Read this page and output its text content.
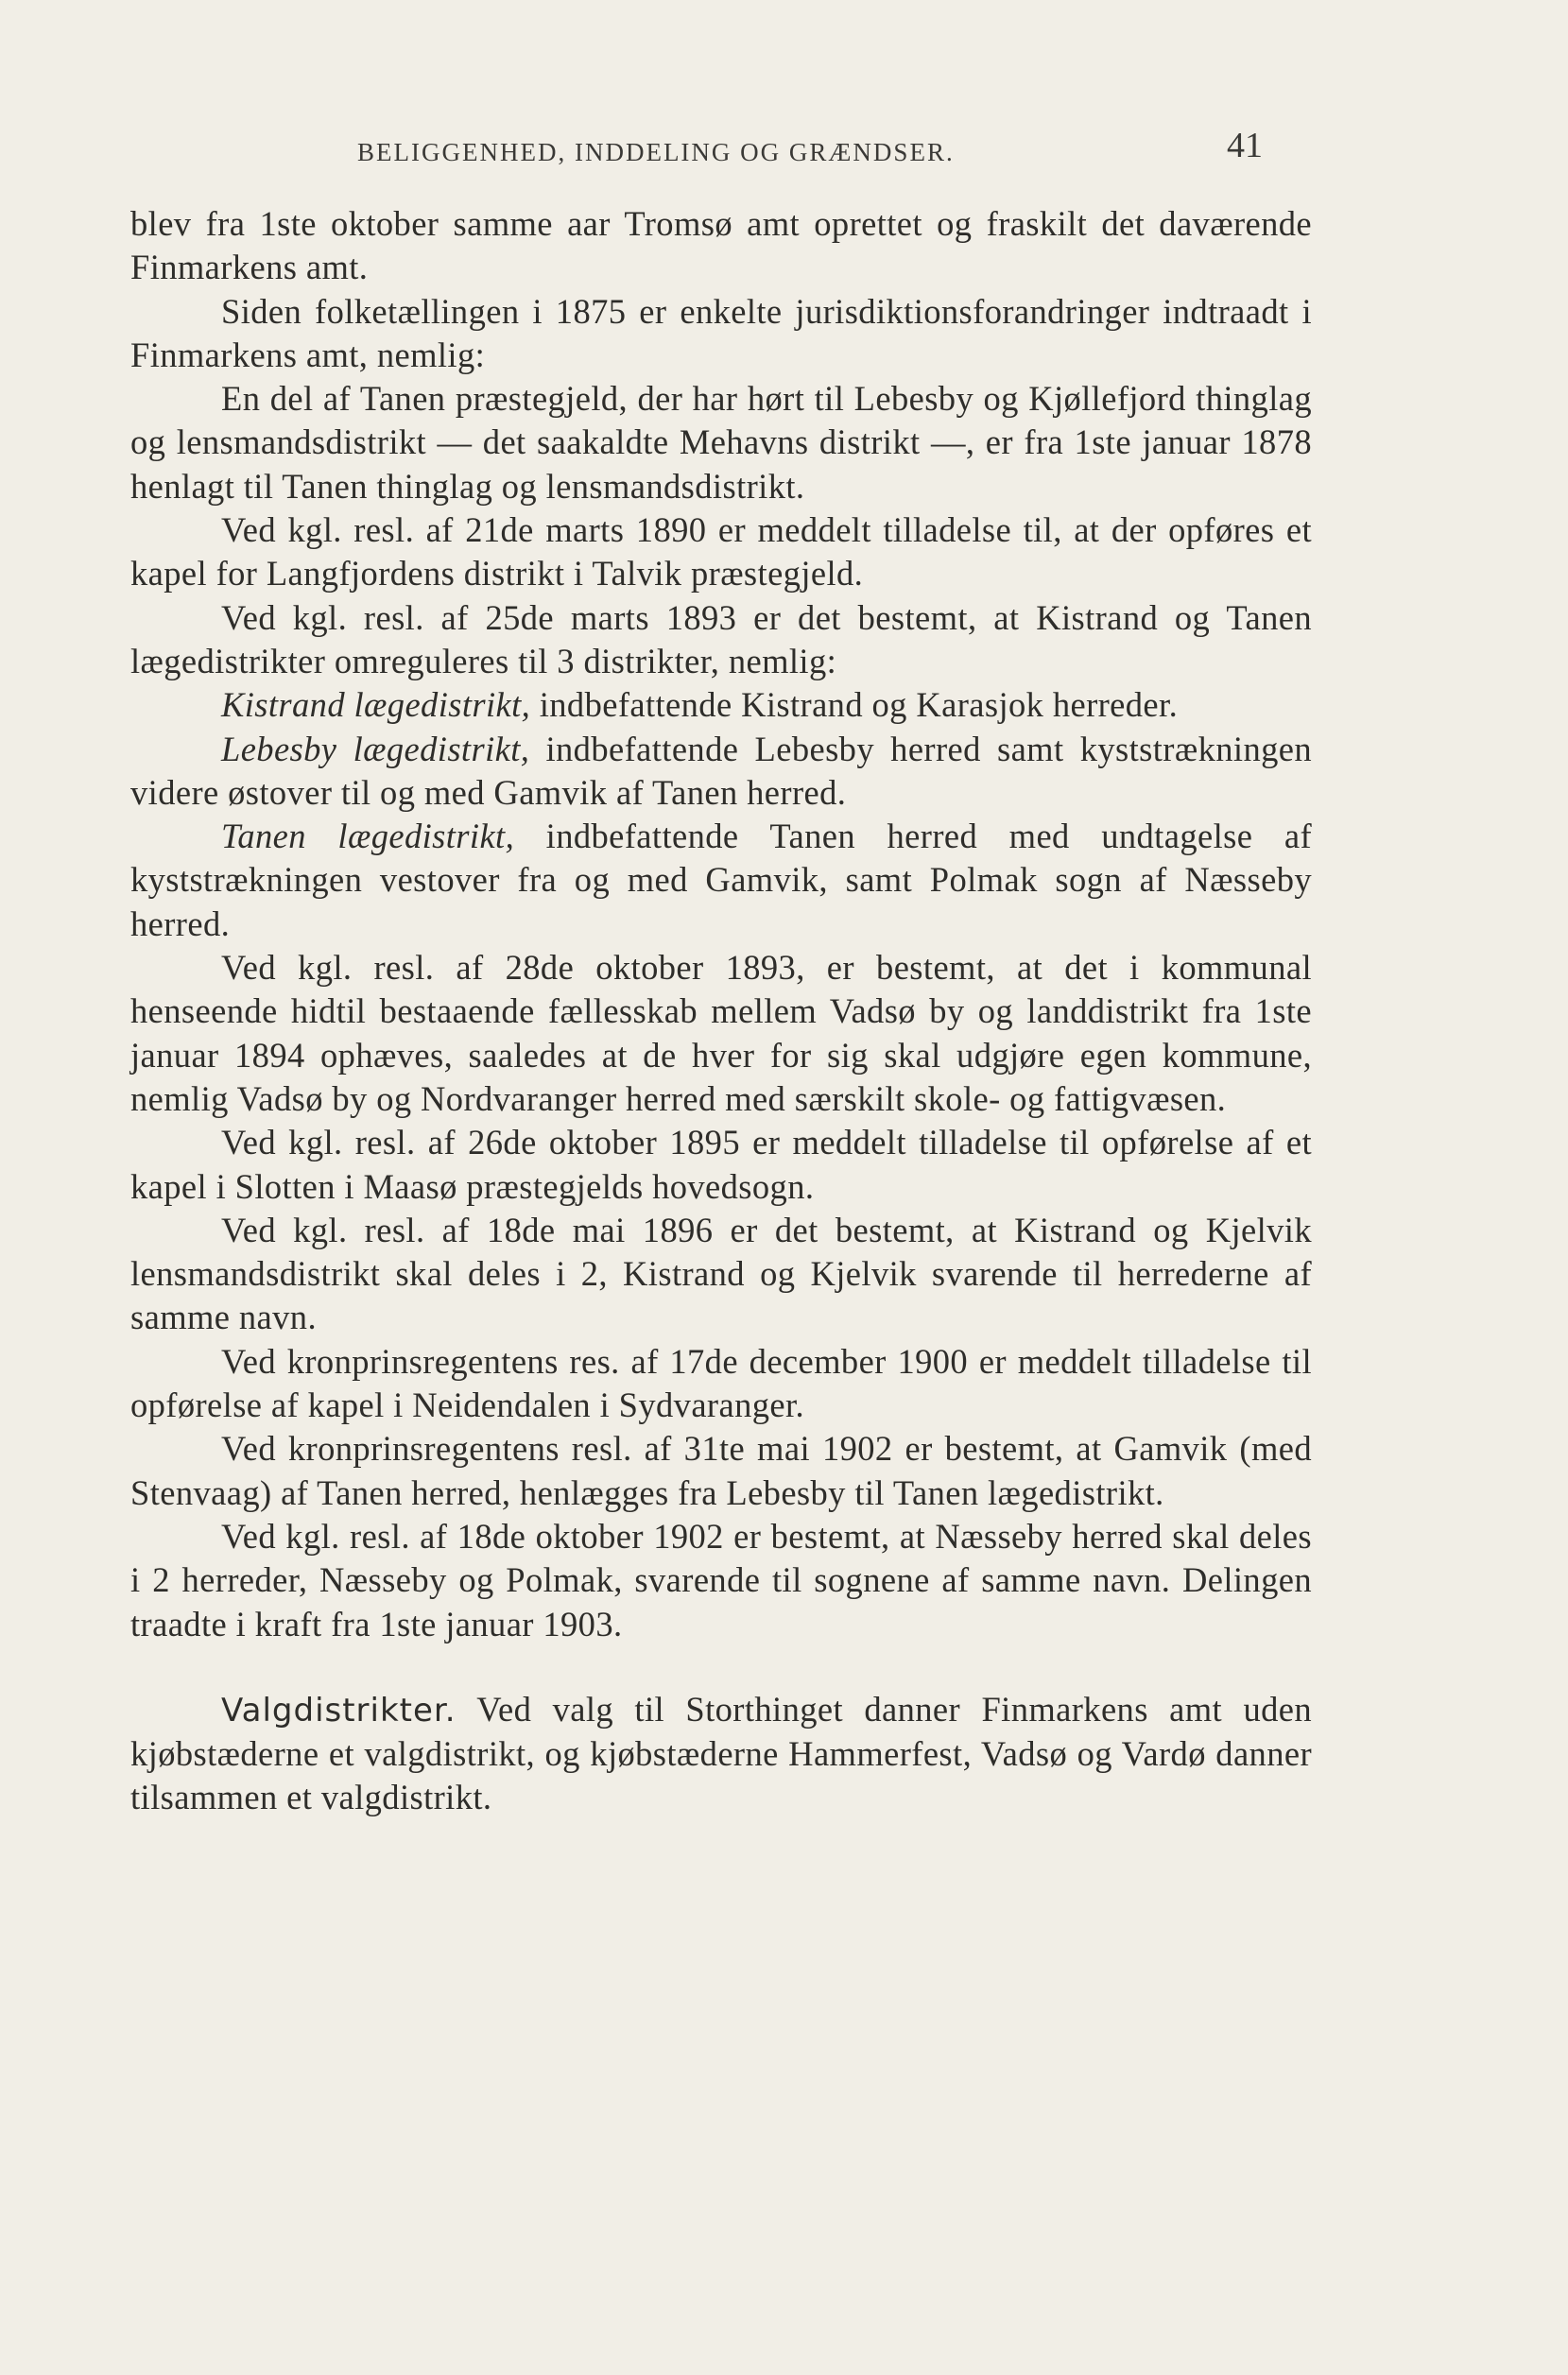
BELIGGENHED, INDDELING OG GRÆNDSER.	41

blev fra 1ste oktober samme aar Tromsø amt oprettet og fraskilt det daværende Finmarkens amt.

Siden folketællingen i 1875 er enkelte jurisdiktionsforandringer indtraadt i Finmarkens amt, nemlig:

En del af Tanen præstegjeld, der har hørt til Lebesby og Kjøllefjord thinglag og lensmandsdistrikt — det saakaldte Mehavns distrikt —, er fra 1ste januar 1878 henlagt til Tanen thinglag og lensmandsdistrikt.

Ved kgl. resl. af 21de marts 1890 er meddelt tilladelse til, at der opføres et kapel for Langfjordens distrikt i Talvik præstegjeld.

Ved kgl. resl. af 25de marts 1893 er det bestemt, at Kistrand og Tanen lægedistrikter omreguleres til 3 distrikter, nemlig:

Kistrand lægedistrikt, indbefattende Kistrand og Karasjok herreder.

Lebesby lægedistrikt, indbefattende Lebesby herred samt kyststrækningen videre østover til og med Gamvik af Tanen herred.

Tanen lægedistrikt, indbefattende Tanen herred med undtagelse af kyststrækningen vestover fra og med Gamvik, samt Polmak sogn af Næsseby herred.

Ved kgl. resl. af 28de oktober 1893, er bestemt, at det i kommunal henseende hidtil bestaaende fællesskab mellem Vadsø by og landdistrikt fra 1ste januar 1894 ophæves, saaledes at de hver for sig skal udgjøre egen kommune, nemlig Vadsø by og Nordvaranger herred med særskilt skole- og fattigvæsen.

Ved kgl. resl. af 26de oktober 1895 er meddelt tilladelse til opførelse af et kapel i Slotten i Maasø præstegjelds hovedsogn.

Ved kgl. resl. af 18de mai 1896 er det bestemt, at Kistrand og Kjelvik lensmandsdistrikt skal deles i 2, Kistrand og Kjelvik svarende til herrederne af samme navn.

Ved kronprinsregentens res. af 17de december 1900 er meddelt tilladelse til opførelse af kapel i Neidendalen i Sydvaranger.

Ved kronprinsregentens resl. af 31te mai 1902 er bestemt, at Gamvik (med Stenvaag) af Tanen herred, henlægges fra Lebesby til Tanen lægedistrikt.

Ved kgl. resl. af 18de oktober 1902 er bestemt, at Næsseby herred skal deles i 2 herreder, Næsseby og Polmak, svarende til sognene af samme navn. Delingen traadte i kraft fra 1ste januar 1903.

Valgdistrikter. Ved valg til Storthinget danner Finmarkens amt uden kjøbstæderne et valgdistrikt, og kjøbstæderne Hammerfest, Vadsø og Vardø danner tilsammen et valgdistrikt.
